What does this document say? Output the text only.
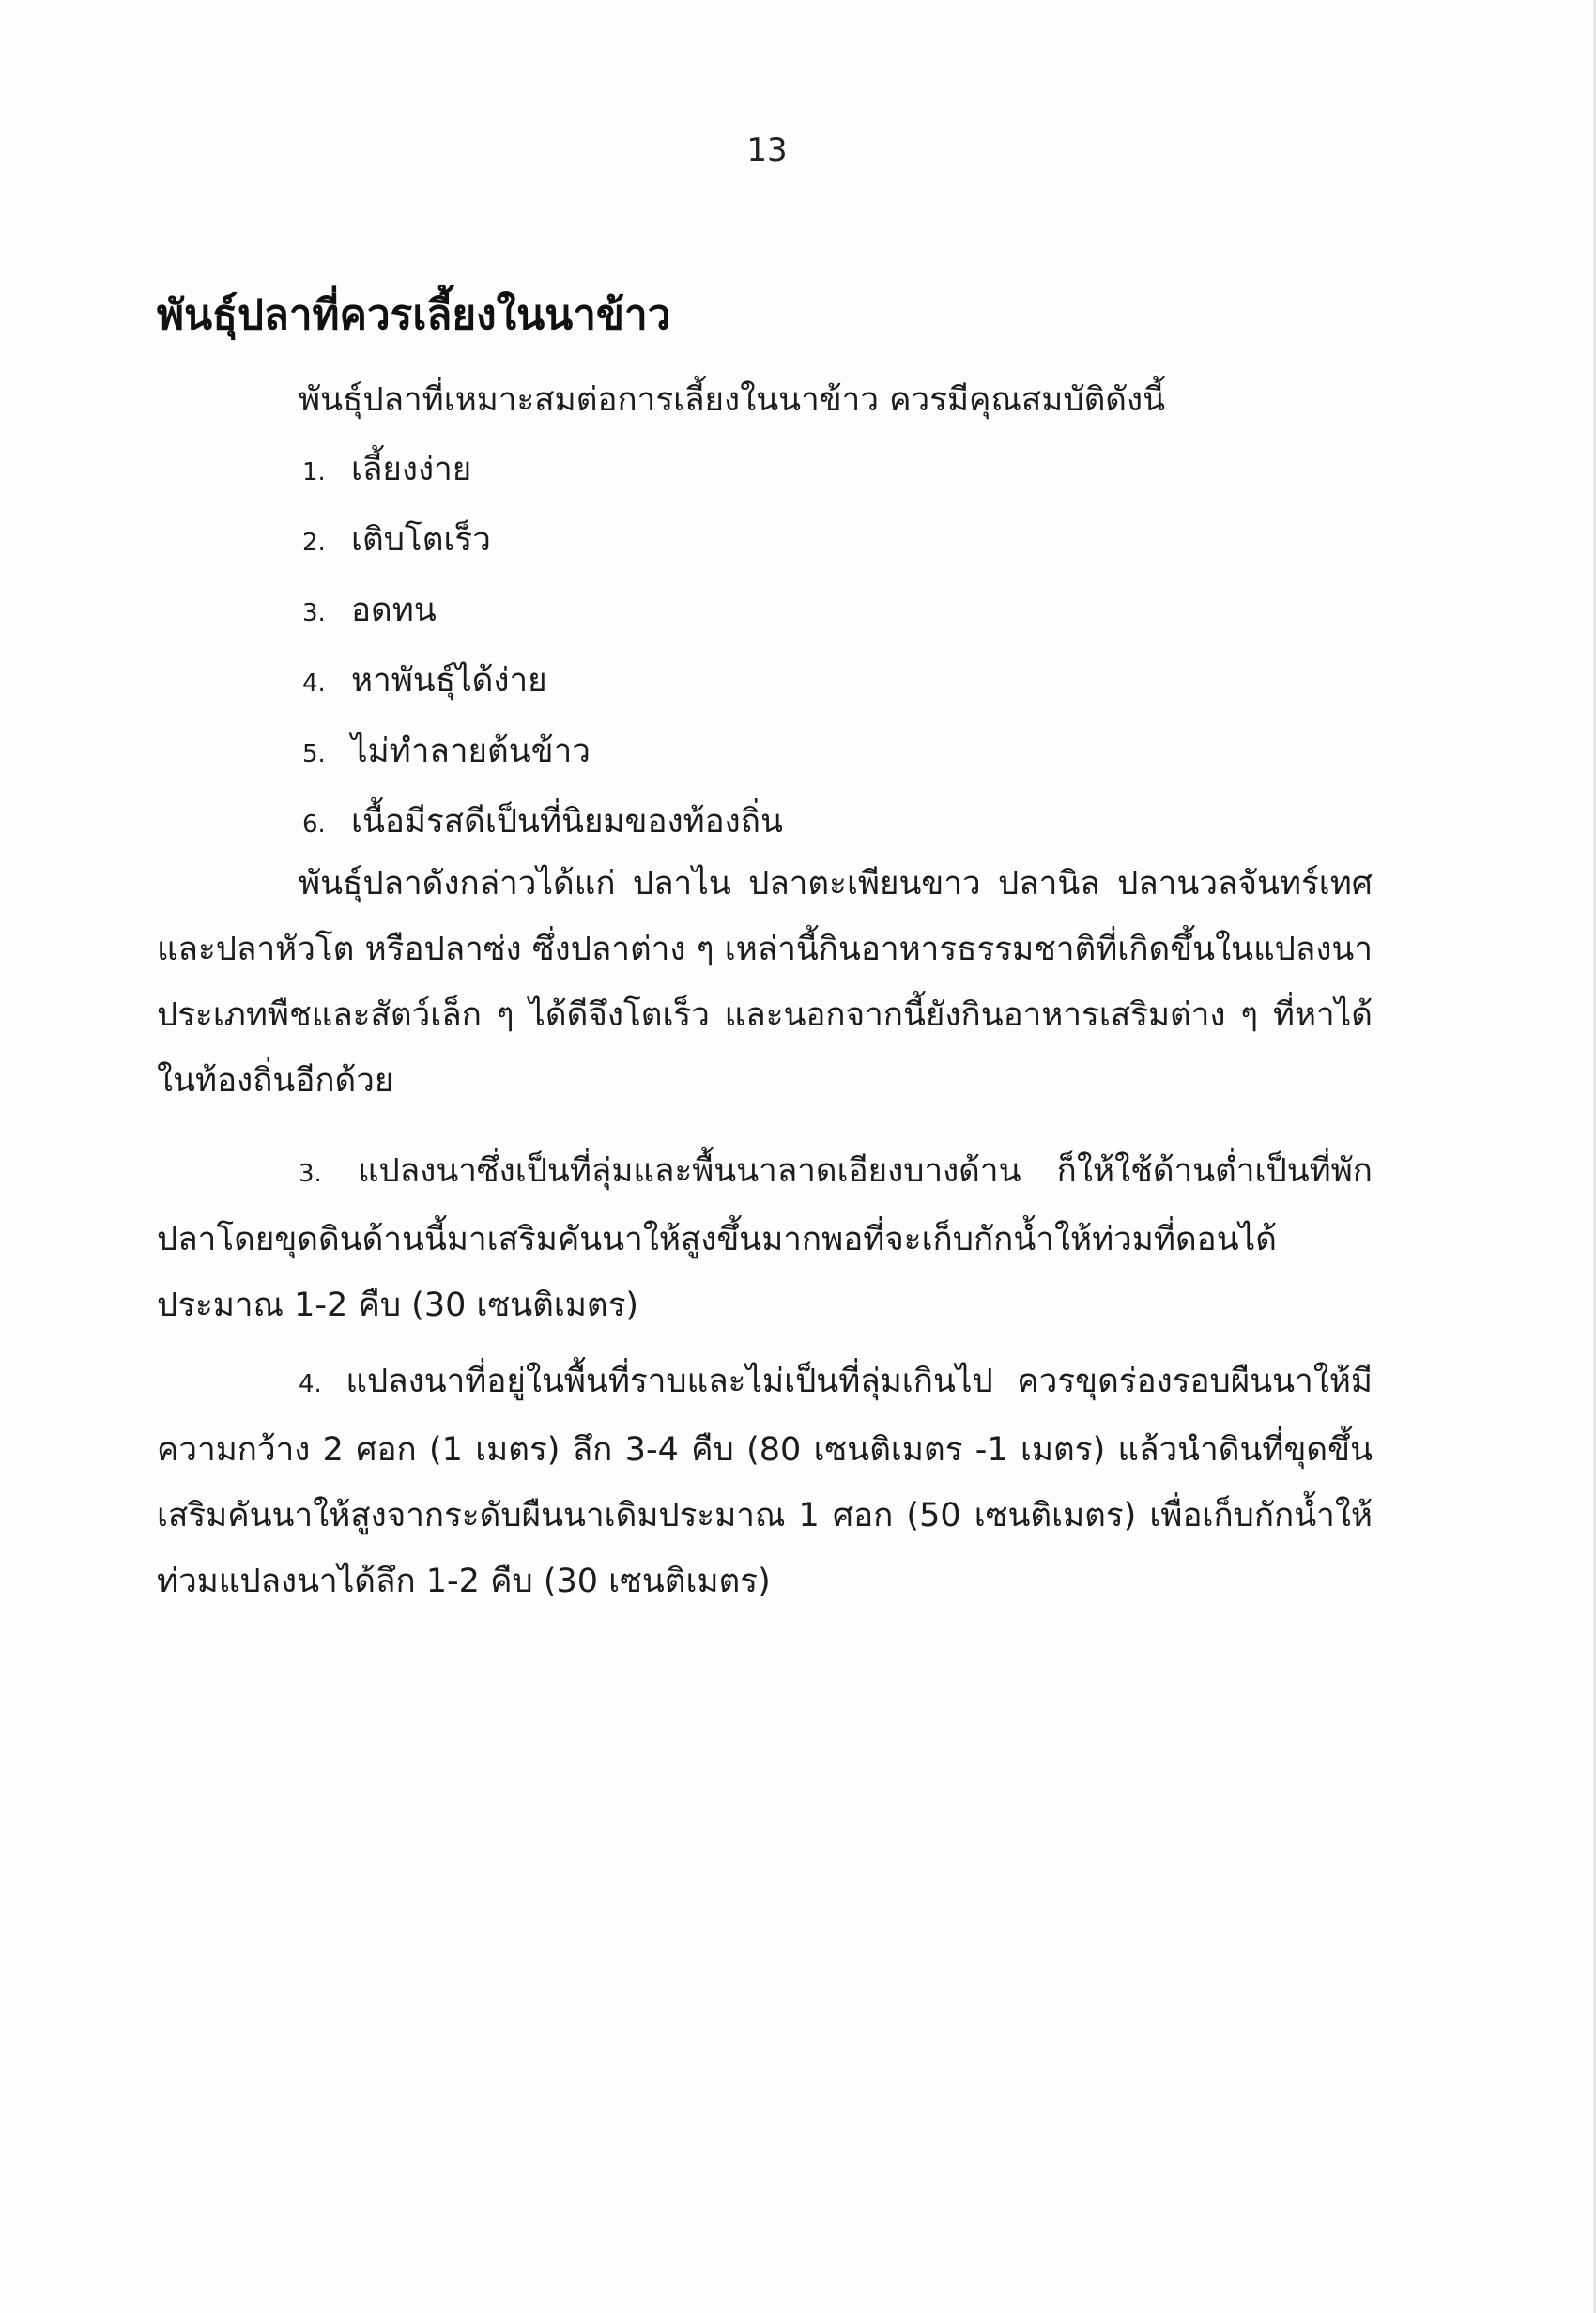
13
พันธุ์ปลาที่ควรเลี้ยงในนาข้าว
พันธุ์ปลาที่เหมาะสมต่อการเลี้ยงในนาข้าว ควรมีคุณสมบัติดังนี้
1. เลี้ยงง่าย
2. เติบโตเร็ว
3. อดทน
4. หาพันธุ์ได้ง่าย
5. ไม่ทำลายต้นข้าว
6. เนื้อมีรสดีเป็นที่นิยมของท้องถิ่น

พันธุ์ปลาดังกล่าวได้แก่ ปลาไน ปลาตะเพียนขาว ปลานิล ปลานวลจันทร์เทศ และปลาหัวโต หรือปลาซ่ง ซึ่งปลาต่าง ๆ เหล่านี้กินอาหารธรรมชาติที่เกิดขึ้นในแปลงนา ประเภทพืชและสัตว์เล็ก ๆ ได้ดีจึงโตเร็ว และนอกจากนี้ยังกินอาหารเสริมต่าง ๆ ที่หาได้ในท้องถิ่นอีกด้วย

3. แปลงนาซึ่งเป็นที่ลุ่มและพื้นนาลาดเอียงบางด้าน ก็ให้ใช้ด้านต่ำเป็นที่พักปลาโดยขุดดินด้านนี้มาเสริมคันนาให้สูงขึ้นมากพอที่จะเก็บกักน้ำให้ท่วมที่ดอนได้ ประมาณ 1-2 คืบ (30 เซนติเมตร)

4. แปลงนาที่อยู่ในพื้นที่ราบและไม่เป็นที่ลุ่มเกินไป ควรขุดร่องรอบผืนนาให้มีความกว้าง 2 ศอก (1 เมตร) ลึก 3-4 คืบ (80 เซนติเมตร -1 เมตร) แล้วนำดินที่ขุดขึ้นเสริมคันนาให้สูงจากระดับผืนนาเดิมประมาณ 1 ศอก (50 เซนติเมตร) เพื่อเก็บกักน้ำให้ท่วมแปลงนาได้ลึก 1-2 คืบ (30 เซนติเมตร)
